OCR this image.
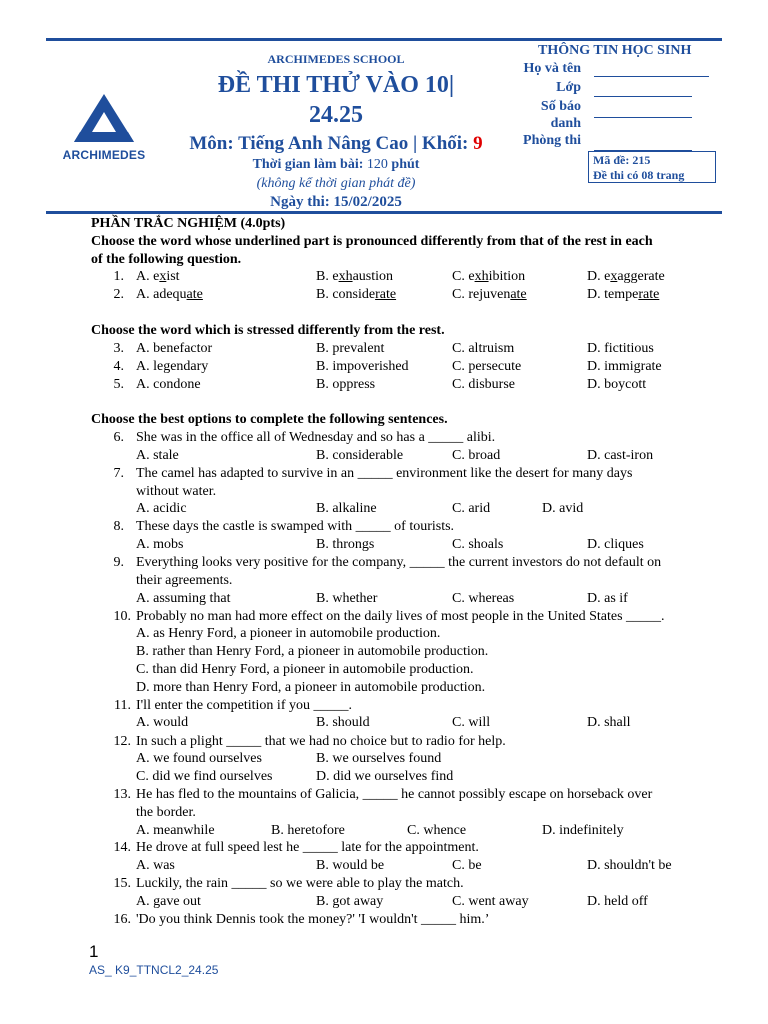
ARCHIMEDES
ARCHIMEDES SCHOOL
ĐỀ THI THỬ VÀO 10|
24.25
Môn: Tiếng Anh Nâng Cao | Khối: 9
Thời gian làm bài: 120 phút
(không kể thời gian phát đề)
Ngày thi: 15/02/2025
THÔNG TIN HỌC SINH
Họ và tên
Lớp
Số báo
danh
Phòng thi
Mã đề: 215
Đề thi có 08 trang
PHẦN TRẮC NGHIỆM (4.0pts)
Choose the word whose underlined part is pronounced differently from that of the rest in each
of the following question.
1. A. exist	B. exhaustion	C. exhibition	D. exaggerate
2. A. adequate	B. considerate	C. rejuvenate	D. temperate
Choose the word which is stressed differently from the rest.
3. A. benefactor	B. prevalent	C. altruism	D. fictitious
4. A. legendary	B. impoverished	C. persecute	D. immigrate
5. A. condone	B. oppress	C. disburse	D. boycott
Choose the best options to complete the following sentences.
6. She was in the office all of Wednesday and so has a _____ alibi.
A. stale	B. considerable	C. broad	D. cast-iron
7. The camel has adapted to survive in an _____ environment like the desert for many days
without water.
A. acidic	B. alkaline	C. arid	D. avid
8. These days the castle is swamped with _____ of tourists.
A. mobs	B. throngs	C. shoals	D. cliques
9. Everything looks very positive for the company, _____ the current investors do not default on
their agreements.
A. assuming that	B. whether	C. whereas	D. as if
10. Probably no man had more effect on the daily lives of most people in the United States _____.
A. as Henry Ford, a pioneer in automobile production.
B. rather than Henry Ford, a pioneer in automobile production.
C. than did Henry Ford, a pioneer in automobile production.
D. more than Henry Ford, a pioneer in automobile production.
11. I'll enter the competition if you _____.
A. would	B. should	C. will	D. shall
12. In such a plight _____ that we had no choice but to radio for help.
A. we found ourselves	B. we ourselves found
C. did we find ourselves	D. did we ourselves find
13. He has fled to the mountains of Galicia, _____ he cannot possibly escape on horseback over
the border.
A. meanwhile	B. heretofore	C. whence	D. indefinitely
14. He drove at full speed lest he _____ late for the appointment.
A. was	B. would be	C. be	D. shouldn't be
15. Luckily, the rain _____ so we were able to play the match.
A. gave out	B. got away	C. went away	D. held off
16. 'Do you think Dennis took the money?' 'I wouldn't _____ him.’
1
AS_ K9_TTNCL2_24.25
